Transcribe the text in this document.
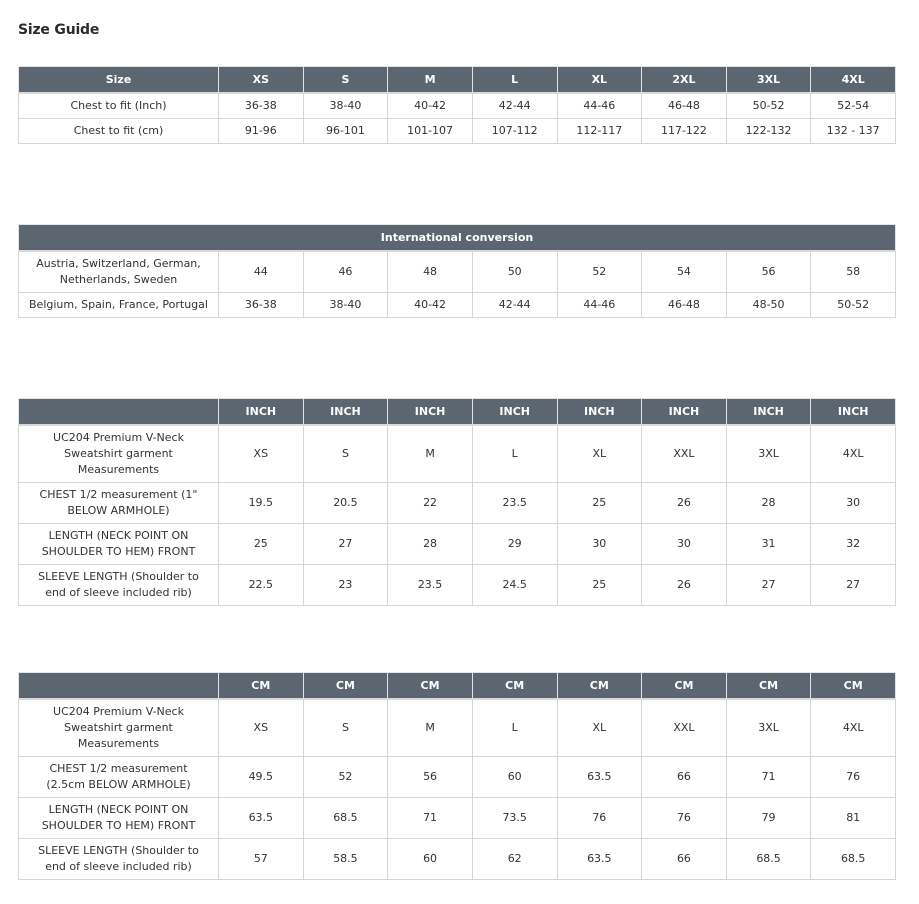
Size Guide
Size	XS	S	M	L	XL	2XL	3XL	4XL
Chest to fit (Inch)	36-38	38-40	40-42	42-44	44-46	46-48	50-52	52-54
Chest to fit (cm)	91-96	96-101	101-107	107-112	112-117	117-122	122-132	132 - 137
International conversion								
Austria, Switzerland, German, Netherlands, Sweden	44	46	48	50	52	54	56	58
Belgium, Spain, France, Portugal	36-38	38-40	40-42	42-44	44-46	46-48	48-50	50-52
	INCH	INCH	INCH	INCH	INCH	INCH	INCH	INCH
UC204 Premium V-Neck Sweatshirt garment Measurements	XS	S	M	L	XL	XXL	3XL	4XL
CHEST 1/2 measurement (1" BELOW ARMHOLE)	19.5	20.5	22	23.5	25	26	28	30
LENGTH (NECK POINT ON SHOULDER TO HEM) FRONT	25	27	28	29	30	30	31	32
SLEEVE LENGTH (Shoulder to end of sleeve included rib)	22.5	23	23.5	24.5	25	26	27	27
	CM	CM	CM	CM	CM	CM	CM	CM
UC204 Premium V-Neck Sweatshirt garment Measurements	XS	S	M	L	XL	XXL	3XL	4XL
CHEST 1/2 measurement (2.5cm BELOW ARMHOLE)	49.5	52	56	60	63.5	66	71	76
LENGTH (NECK POINT ON SHOULDER TO HEM) FRONT	63.5	68.5	71	73.5	76	76	79	81
SLEEVE LENGTH (Shoulder to end of sleeve included rib)	57	58.5	60	62	63.5	66	68.5	68.5
